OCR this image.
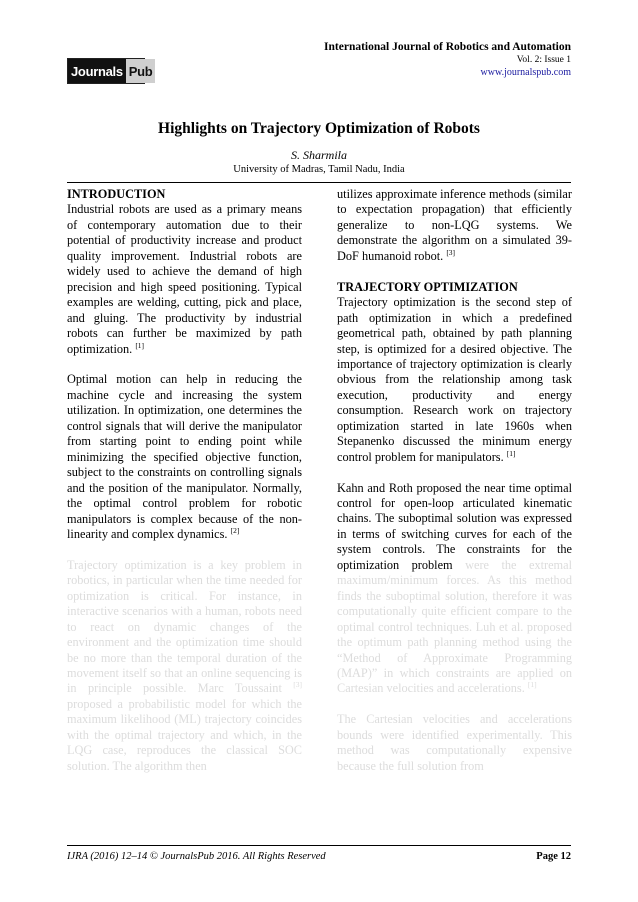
Journals Pub
International Journal of Robotics and Automation
Vol. 2: Issue 1
www.journalspub.com
Highlights on Trajectory Optimization of Robots
S. Sharmila
University of Madras, Tamil Nadu, India
INTRODUCTION

Industrial robots are used as a primary means of contemporary automation due to their potential of productivity increase and product quality improvement. Industrial robots are widely used to achieve the demand of high precision and high speed positioning. Typical examples are welding, cutting, pick and place, and gluing. The productivity by industrial robots can further be maximized by path optimization. [1]

Optimal motion can help in reducing the machine cycle and increasing the system utilization. In optimization, one determines the control signals that will derive the manipulator from starting point to ending point while minimizing the specified objective function, subject to the constraints on controlling signals and the position of the manipulator. Normally, the optimal control problem for robotic manipulators is complex because of the non-linearity and complex dynamics. [2]

Trajectory optimization is a key problem in robotics, in particular when the time needed for optimization is critical. For instance, in interactive scenarios with a human, robots need to react on dynamic changes of the environment and the optimization time should be no more than the temporal duration of the movement itself so that an online sequencing is in principle possible. Marc Toussaint [3] proposed a probabilistic model for which the maximum likelihood (ML) trajectory coincides with the optimal trajectory and which, in the LQG case, reproduces the classical SOC solution. The algorithm then

utilizes approximate inference methods (similar to expectation propagation) that efficiently generalize to non-LQG systems. We demonstrate the algorithm on a simulated 39-DoF humanoid robot. [3]

TRAJECTORY OPTIMIZATION

Trajectory optimization is the second step of path optimization in which a predefined geometrical path, obtained by path planning step, is optimized for a desired objective. The importance of trajectory optimization is clearly obvious from the relationship among task execution, productivity and energy consumption. Research work on trajectory optimization started in late 1960s when Stepanenko discussed the minimum energy control problem for manipulators. [1]

Kahn and Roth proposed the near time optimal control for open-loop articulated kinematic chains. The suboptimal solution was expressed in terms of switching curves for each of the system controls. The constraints for the optimization problem were the extremal maximum/minimum forces. As this method finds the suboptimal solution, therefore it was computationally quite efficient compare to the optimal control techniques. Luh et al. proposed the optimum path planning method using the “Method of Approximate Programming (MAP)” in which constraints are applied on Cartesian velocities and accelerations. [1]

The Cartesian velocities and accelerations bounds were identified experimentally. This method was computationally expensive because the full solution from

IJRA (2016) 12–14 © JournalsPub 2016. All Rights Reserved	Page 12
